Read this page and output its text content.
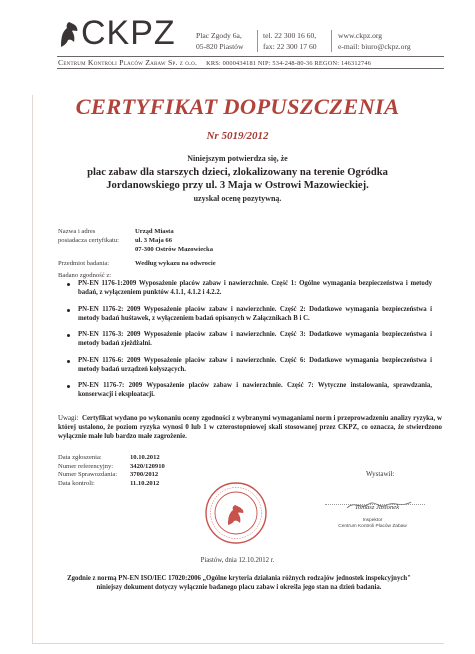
CKPZ	Plac Zgody 6a,
05-820 Piastów
tel. 22 300 16 60,
fax: 22 300 17 60
www.ckpz.org
e-mail: biuro@ckpz.org
Centrum Kontroli Placów Zabaw Sp. z o.o. KRS: 0000434181 NIP: 534-248-80-36 REGON: 146312746
CERTYFIKAT DOPUSZCZENIA
Nr 5019/2012
Niniejszym potwierdza się, że
plac zabaw dla starszych dzieci, zlokalizowany na terenie Ogródka
Jordanowskiego przy ul. 3 Maja w Ostrowi Mazowieckiej.
uzyskał ocenę pozytywną.
Nazwa i adres
posiadacza certyfikatu:
Urząd Miasta
ul. 3 Maja 66
07-300 Ostrów Mazowiecka
Przedmiot badania:	Według wykazu na odwrocie
Badano zgodność z:
PN-EN 1176-1:2009 Wyposażenie placów zabaw i nawierzchnie. Część 1: Ogólne wymagania bezpieczeństwa i metody badań, z wyłączeniem punktów 4.1.1, 4.1.2 i 4.2.2.
PN-EN 1176-2: 2009 Wyposażenie placów zabaw i nawierzchnie. Część 2: Dodatkowe wymagania bezpieczeństwa i metody badań huśtawek, z wyłączeniem badań opisanych w Załącznikach B i C.
PN-EN 1176-3: 2009 Wyposażenie placów zabaw i nawierzchnie. Część 3: Dodatkowe wymagania bezpieczeństwa i metody badań zjeżdżalni.
PN-EN 1176-6: 2009 Wyposażenie placów zabaw i nawierzchnie. Część 6: Dodatkowe wymagania bezpieczeństwa i metody badań urządzeń kołyszących.
PN-EN 1176-7: 2009 Wyposażenie placów zabaw i nawierzchnie. Część 7: Wytyczne instalowania, sprawdzania, konserwacji i eksploatacji.
Uwagi: Certyfikat wydano po wykonaniu oceny zgodności z wybranymi wymaganiami norm i przeprowadzeniu analizy ryzyka, w której ustalono, że poziom ryzyka wynosi 0 lub 1 w czterostopniowej skali stosowanej przez CKPZ, co oznacza, że stwierdzono wyłącznie małe lub bardzo małe zagrożenie.
Data zgłoszenia:	10.10.2012
Numer referencyjny:	3420/120910
Numer Sprawozdania:	3700/2012
Data kontroli:	11.10.2012
Wystawił:
Tomasz Jasionek
Inspektor
Centrum Kontroli Placów Zabaw
Piastów, dnia 12.10.2012 r.
Zgodnie z normą PN-EN ISO/IEC 17020:2006 „Ogólne kryteria działania różnych rodzajów jednostek inspekcyjnych" niniejszy dokument dotyczy wyłącznie badanego placu zabaw i określa jego stan na dzień badania.
